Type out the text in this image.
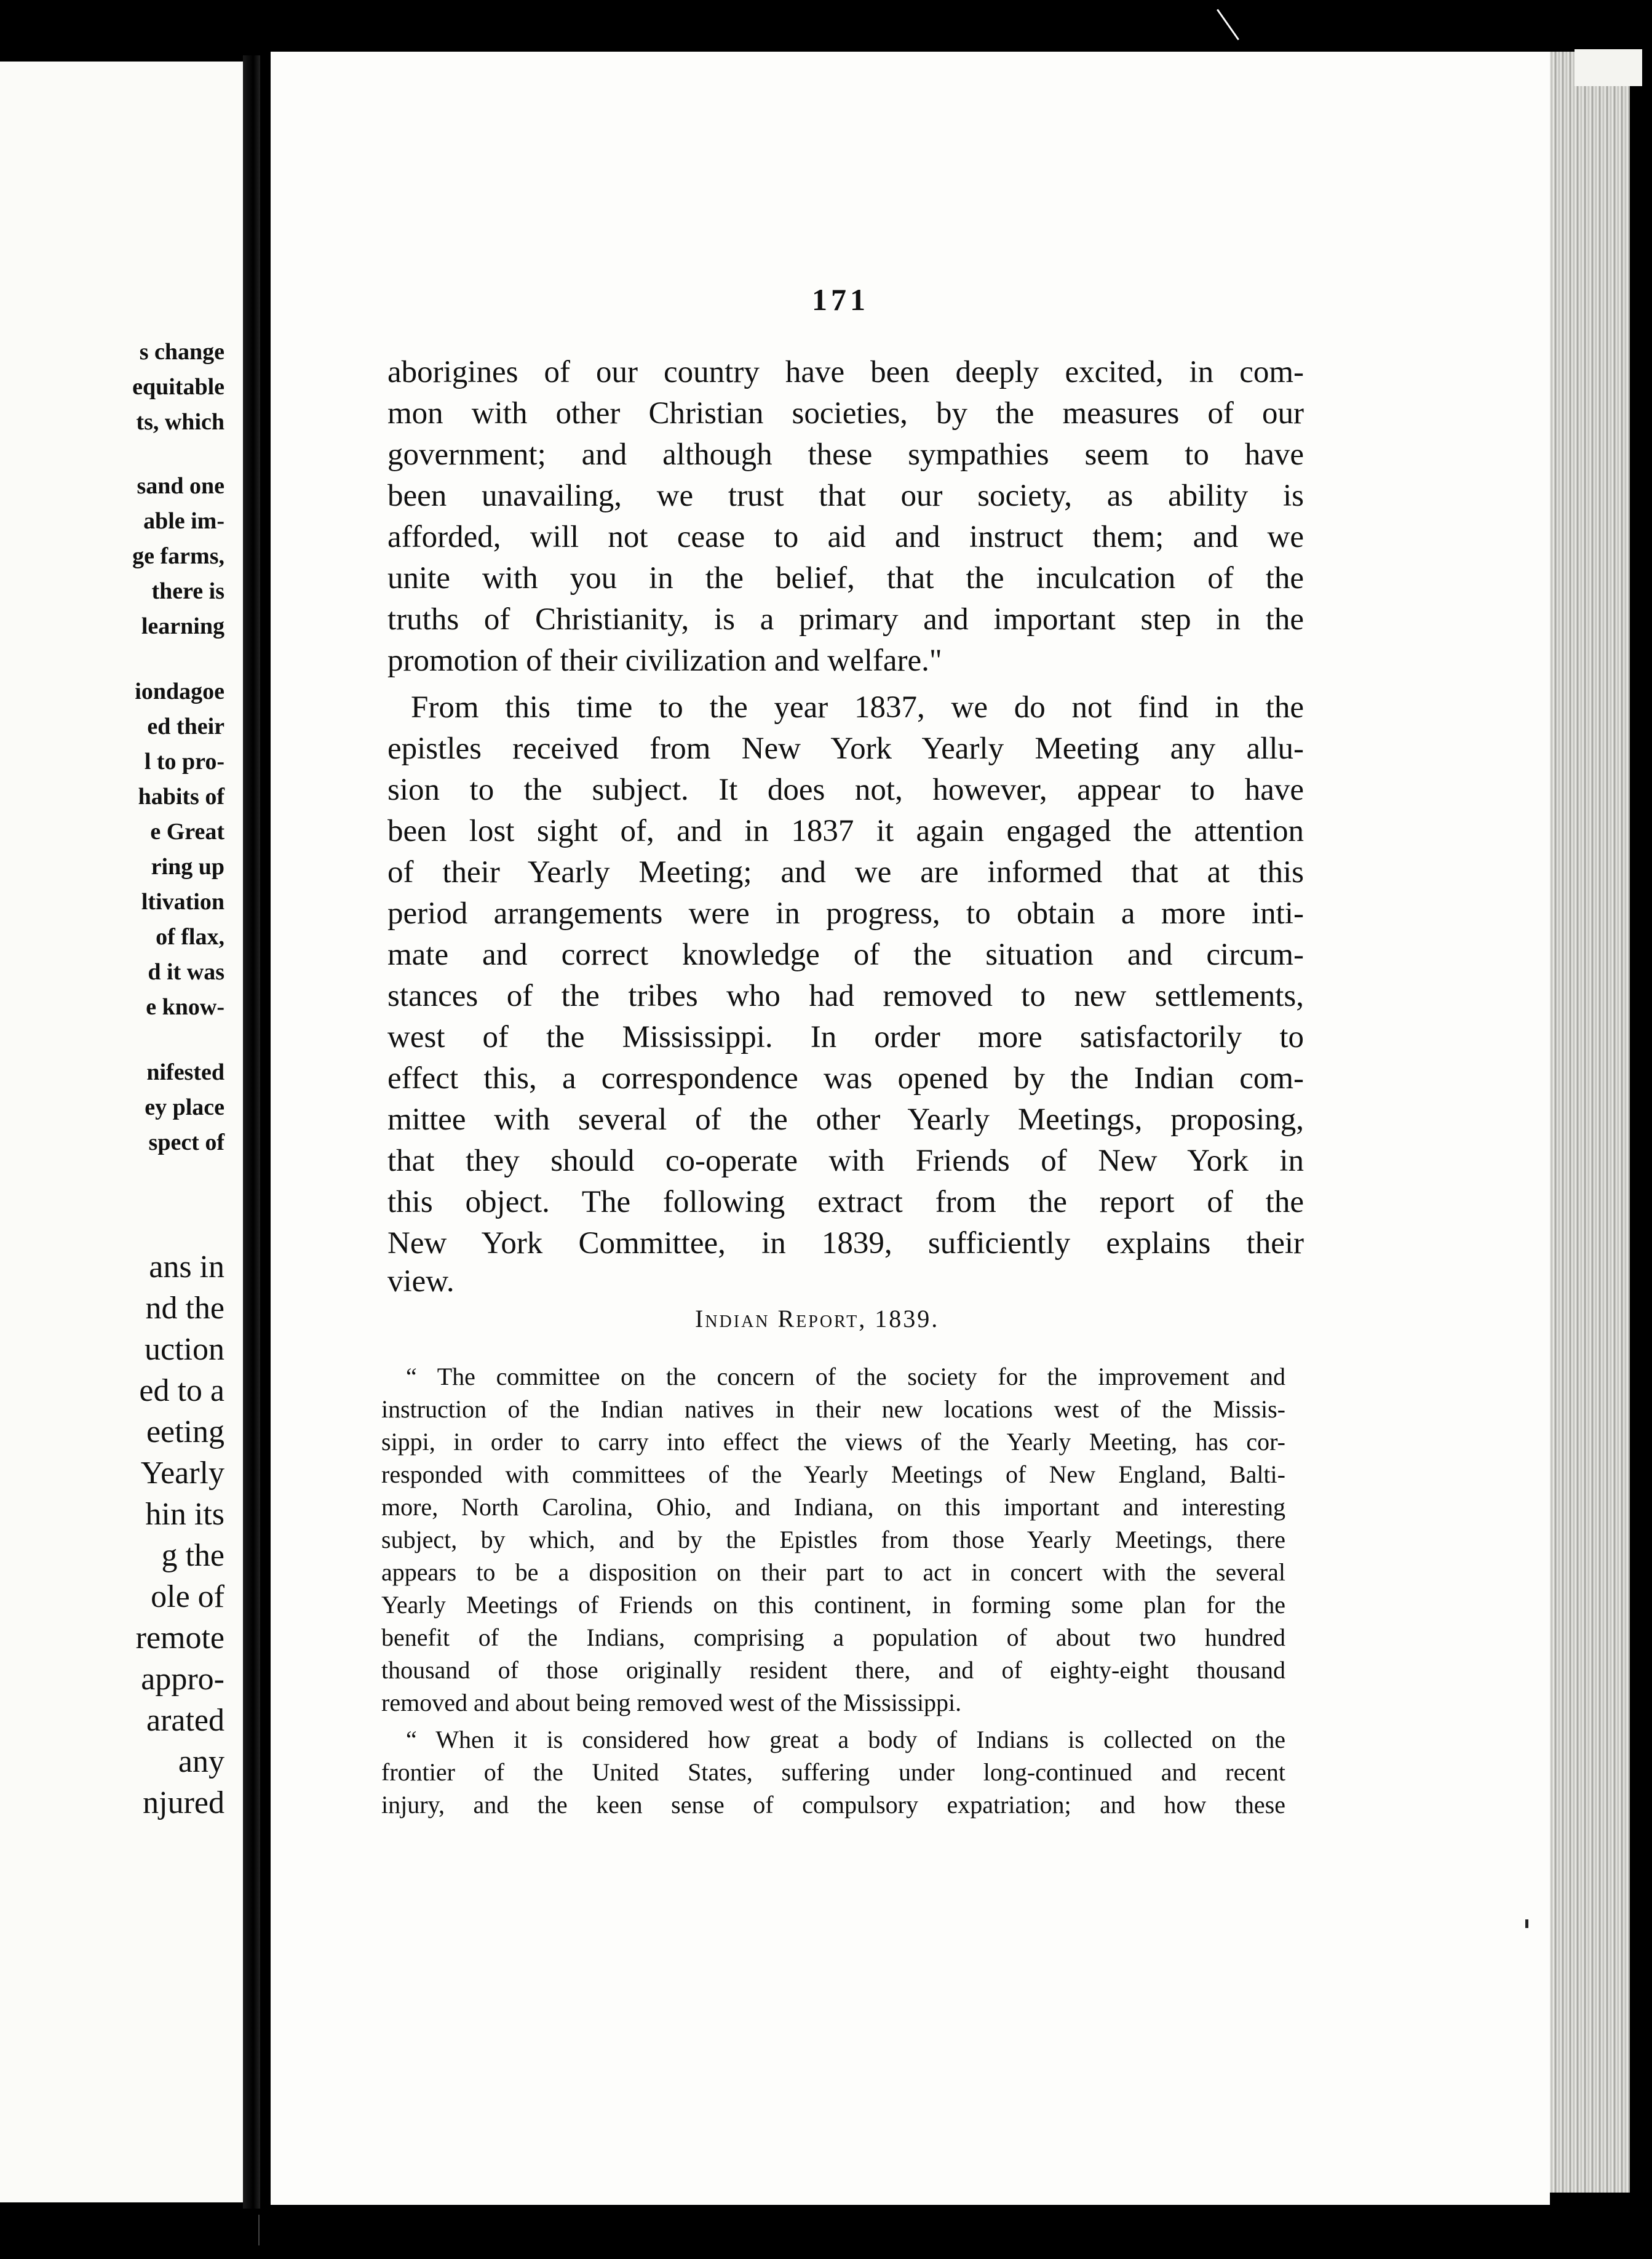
s change
equitable
ts, which
sand one
able im-
ge farms,
there is
learning
iondagoe
ed their
l to pro-
habits of
e Great
ring up
ltivation
of flax,
d it was
e know-
nifested
ey place
spect of
ans in
nd the
uction
ed to a
eeting
Yearly
hin its
g the
ole of
remote
appro-
arated
any
njured
171
aborigines of our country have been deeply excited, in com-
mon with other Christian societies, by the measures of our
government; and although these sympathies seem to have
been unavailing, we trust that our society, as ability is
afforded, will not cease to aid and instruct them; and we
unite with you in the belief, that the inculcation of the
truths of Christianity, is a primary and important step in the
promotion of their civilization and welfare."
From this time to the year 1837, we do not find in the
epistles received from New York Yearly Meeting any allu-
sion to the subject. It does not, however, appear to have
been lost sight of, and in 1837 it again engaged the attention
of their Yearly Meeting; and we are informed that at this
period arrangements were in progress, to obtain a more inti-
mate and correct knowledge of the situation and circum-
stances of the tribes who had removed to new settlements,
west of the Mississippi. In order more satisfactorily to
effect this, a correspondence was opened by the Indian com-
mittee with several of the other Yearly Meetings, proposing,
that they should co-operate with Friends of New York in
this object. The following extract from the report of the
New York Committee, in 1839, sufficiently explains their
view.
Indian Report, 1839.
“ The committee on the concern of the society for the improvement and
instruction of the Indian natives in their new locations west of the Missis-
sippi, in order to carry into effect the views of the Yearly Meeting, has cor-
responded with committees of the Yearly Meetings of New England, Balti-
more, North Carolina, Ohio, and Indiana, on this important and interesting
subject, by which, and by the Epistles from those Yearly Meetings, there
appears to be a disposition on their part to act in concert with the several
Yearly Meetings of Friends on this continent, in forming some plan for the
benefit of the Indians, comprising a population of about two hundred
thousand of those originally resident there, and of eighty-eight thousand
removed and about being removed west of the Mississippi.
“ When it is considered how great a body of Indians is collected on the
frontier of the United States, suffering under long-continued and recent
injury, and the keen sense of compulsory expatriation; and how these
